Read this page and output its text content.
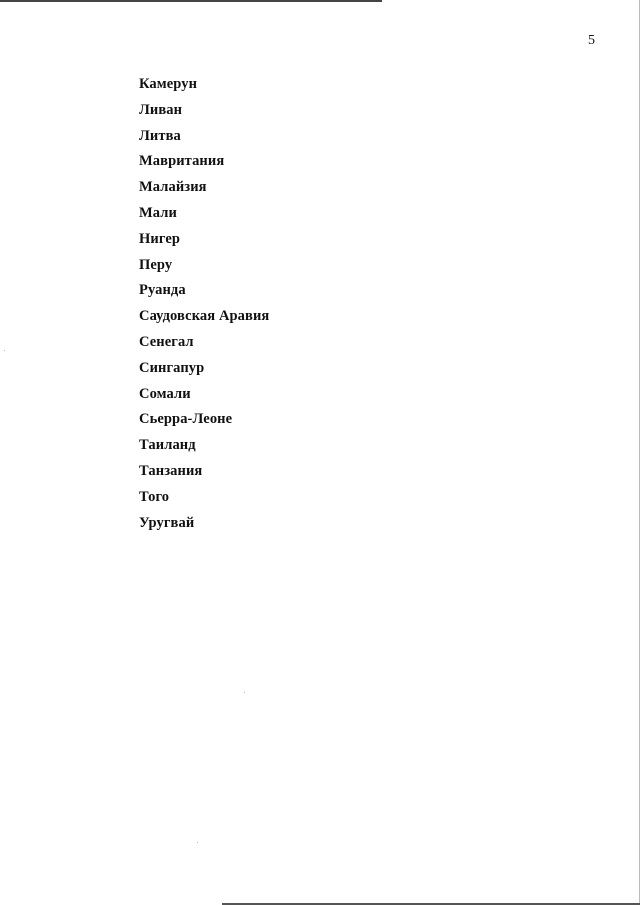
5
Камерун
Ливан
Литва
Мавритания
Малайзия
Мали
Нигер
Перу
Руанда
Саудовская Аравия
Сенегал
Сингапур
Сомали
Сьерра-Леоне
Таиланд
Танзания
Того
Уругвай
